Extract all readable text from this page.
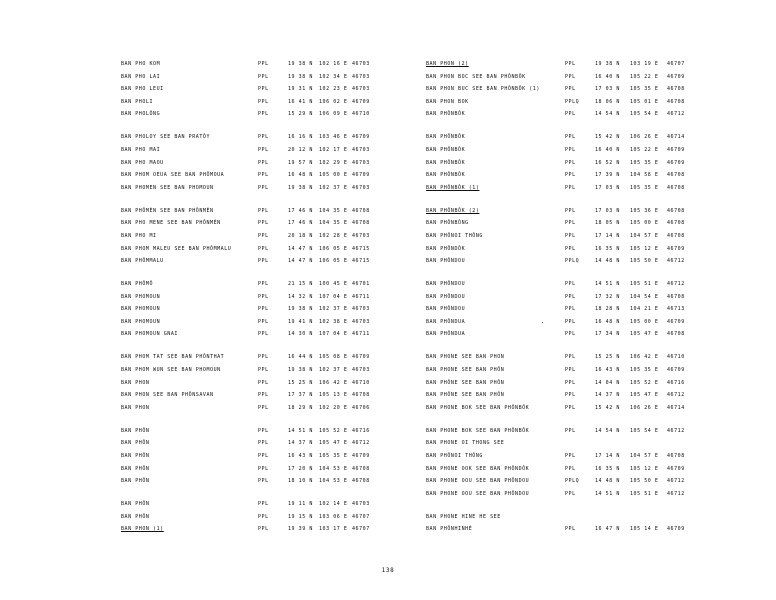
BAN PHO KOM	PPL	19 38 N 102 16 E 46703
BAN PHO LAI	PPL	19 38 N 102 34 E 46703
BAN PHO LEUI	PPL	19 31 N 102 23 E 46703
BAN PHOLI	PPL	16 41 N 106 02 E 46709
BAN PHOLÔNG	PPL	15 29 N 106 09 E 46710
BAN PHOLOY SEE BAN PRATÔY	PPL	16 16 N 103 46 E 46709
BAN PHO MAI	PPL	20 12 N 102 17 E 46703
BAN PHO MAOU	PPL	19 57 N 102 29 E 46703
BAN PHOM OEUA SEE BAN PHÔMOUA	PPL	16 48 N 105 00 E 46709
BAN PHOMEN SEE BAN PHOMOUN	PPL	19 38 N 102 37 E 46703
BAN PHÔMÈN SEE BAN PHÔNMÈN	PPL	17 46 N 104 35 E 46708
BAN PHO MENE SEE BAN PHÔNMÈN	PPL	17 46 N 104 35 E 46708
BAN PHO MI	PPL	20 18 N 102 28 E 46703
BAN PHOM MALEU SEE BAN PHÔMMALU	PPL	14 47 N 106 05 E 46715
BAN PHÔMMALU	PPL	14 47 N 106 05 E 46715
BAN PHÔMÔ	PPL	21 15 N 100 45 E 46701
BAN PHOMOUN	PPL	14 32 N 107 04 E 46711
BAN PHOMOUN	PPL	19 38 N 102 37 E 46703
BAN PHOMOUN	PPL	19 41 N 102 38 E 46703
BAN PHOMOUN GNAI	PPL	14 30 N 107 04 E 46711
BAN PHOM TAT SEE BAN PHÔNTHAT	PPL	16 44 N 105 08 E 46709
BAN PHOM WUN SEE BAN PHOMOUN	PPL	19 38 N 102 37 E 46703
BAN PHON	PPL	15 25 N 106 42 E 46710
BAN PHON SEE BAN PHÔNSAVAN	PPL	17 37 N 105 13 E 46708
BAN PHON	PPL	18 29 N 102 20 E 46706
BAN PHÔN	PPL	14 51 N 105 52 E 46716
BAN PHÔN	PPL	14 37 N 105 47 E 46712
BAN PHÔN	PPL	16 43 N 105 35 E 46709
BAN PHÔN	PPL	17 20 N 104 53 E 46708
BAN PHÔN	PPL	18 10 N 104 53 E 46708
BAN PHÔN	PPL	19 11 N 102 14 E 46703
BAN PHÔN	PPL	19 15 N 103 06 E 46707
BAN PHON (1)	PPL	19 39 N 103 17 E 46707
BAN PHON (2)	PPL	19 38 N 103 19 E 46707
BAN PHON BOC SEE BAN PHÔNBÔK	PPL	16 40 N 105 22 E 46709
BAN PHON BUC SEE BAN PHÔNBÔK (1)	PPL	17 03 N 105 35 E 46708
BAN PHON BOK	PPLQ	18 06 N 105 01 E 46708
BAN PHÔNBÔK	PPL	14 54 N 105 54 E 46712
BAN PHÔNBÔK	PPL	15 42 N 106 26 E 46714
BAN PHÔNBÔK	PPL	16 40 N 105 22 E 46709
BAN PHÔNBÔK	PPL	16 52 N 105 35 E 46709
BAN PHÔNBÔK	PPL	17 39 N 104 58 E 46708
BAN PHÔNBÔK (1)	PPL	17 03 N 105 35 E 46708
BAN PHÔNBÔK (2)	PPL	17 03 N 105 36 E 46708
BAN PHÔNBÔNG	PPL	18 05 N 105 00 E 46708
BAN PHÔNOI THÔNG	PPL	17 14 N 104 57 E 46708
BAN PHÔNDÔK	PPL	16 35 N 105 12 E 46709
BAN PHÔNDOU	PPLQ	14 48 N 105 50 E 46712
BAN PHÔNDOU	PPL	14 51 N 105 51 E 46712
BAN PHÔNDOU	PPL	17 32 N 104 54 E 46708
BAN PHÔNDOU	PPL	18 28 N 104 21 E 46713
BAN PHÔNDUA	PPL	16 48 N 105 00 E 46709
BAN PHÔNDUA	PPL	17 34 N 105 47 E 46708
BAN PHONE SEE BAN PHON	PPL	15 25 N 106 42 E 46710
BAN PHONE SEE BAN PHÔN	PPL	16 43 N 105 35 E 46709
BAN PHÔNE SEE BAN PHÔN	PPL	14 04 N 105 52 E 46716
BAN PHÔNE SEE BAN PHÔN	PPL	14 37 N 105 47 E 46712
BAN PHONE BOK SEE BAN PHÔNBÔK	PPL	15 42 N 106 26 E 46714
BAN PHONE BOK SEE BAN PHÔNBÔK	PPL	14 54 N 105 54 E 46712
BAN PHONE OI THONG SEE
BAN PHÔNOI THÔNG	PPL	17 14 N 104 57 E 46708
BAN PHONE OOK SEE BAN PHÔNDÔK	PPL	16 35 N 105 12 E 46709
BAN PHONE OOU SEE BAN PHÔNDOU	PPLQ	14 48 N 105 50 E 46712
BAN PHONE OOU SEE BAN PHÔNDOU	PPL	14 51 N 105 51 E 46712
BAN PHONE HINE HE SEE
BAN PHÔNHINHÈ	PPL	16 47 N 105 14 E 46709
138
